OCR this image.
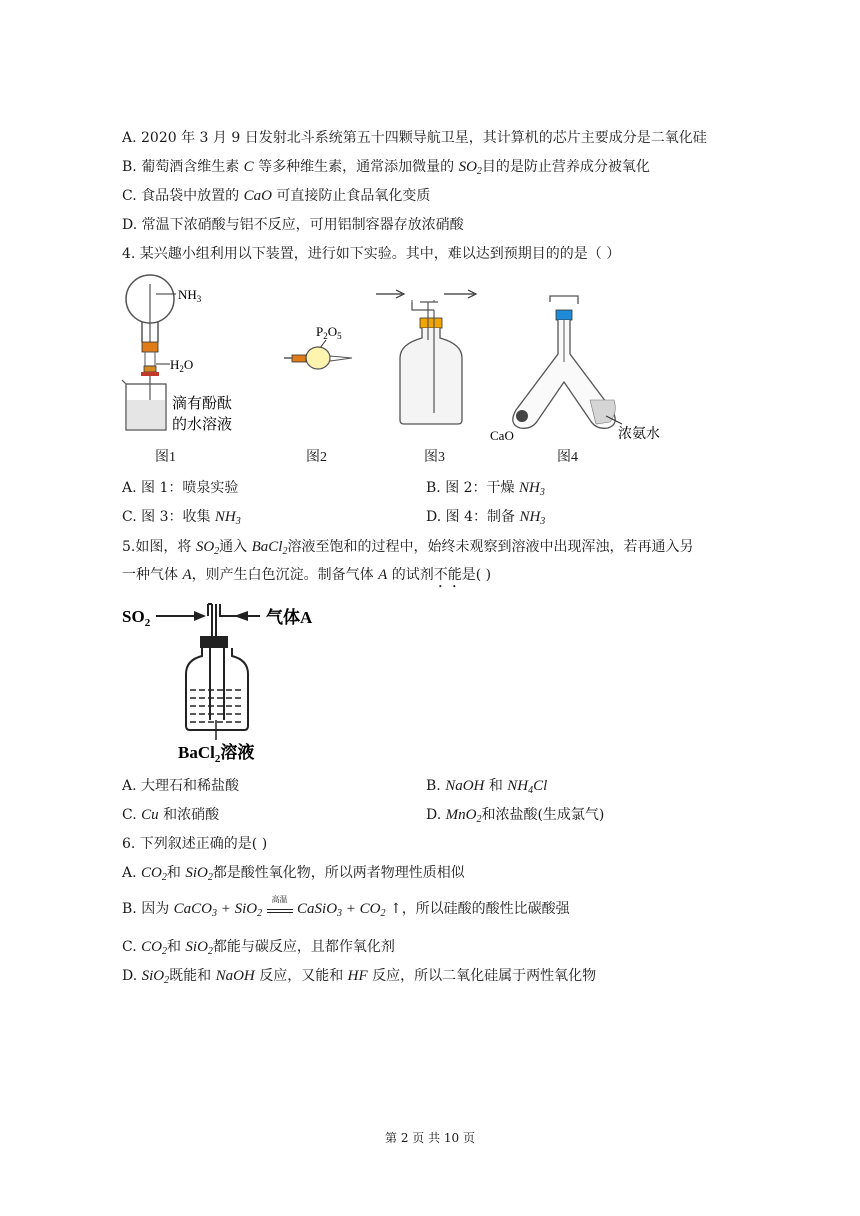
A. 2020 年 3 月 9 日发射北斗系统第五十四颗导航卫星，其计算机的芯片主要成分是二氧化硅
B. 葡萄酒含维生素 C 等多种维生素，通常添加微量的 $SO_2$目的是防止营养成分被氧化
C. 食品袋中放置的 CaO 可直接防止食品氧化变质
D. 常温下浓硝酸与铝不反应，可用铝制容器存放浓硝酸
4. 某兴趣小组利用以下装置，进行如下实验。其中，难以达到预期目的的是（ ）
$NH_3$
$H_2O$
滴有酚酞
的水溶液
$P_2O_5$
CaO	浓氨水
图1	图2	图3	图4
A. 图 1：喷泉实验	B. 图 2：干燥 $NH_3$
C. 图 3：收集 $NH_3$	D. 图 4：制备 $NH_3$
5.如图，将 $SO_2$通入 BaCl$_2$溶液至饱和的过程中，始终未观察到溶液中出现浑浊，若再通入另
一种气体 A，则产生白色沉淀。制备气体 A 的试剂不能是( )
$SO_2$	气体A
BaCl$_2$溶液
A. 大理石和稀盐酸	B. NaOH 和 $NH_4Cl$
C. Cu 和浓硝酸	D. MnO$_2$和浓盐酸(生成氯气)
6. 下列叙述正确的是( )
A. $CO_2$和 SiO$_2$都是酸性氧化物，所以两者物理性质相似
B. 因为 CaCO$_3$ + SiO$_2$
高温
CaSiO$_3$ + $CO_2$ ↑，所以硅酸的酸性比碳酸强
C. $CO_2$和 SiO$_2$都能与碳反应，且都作氧化剂
D. SiO$_2$既能和 NaOH 反应，又能和 HF 反应，所以二氧化硅属于两性氧化物
第 2 页 共 10 页
